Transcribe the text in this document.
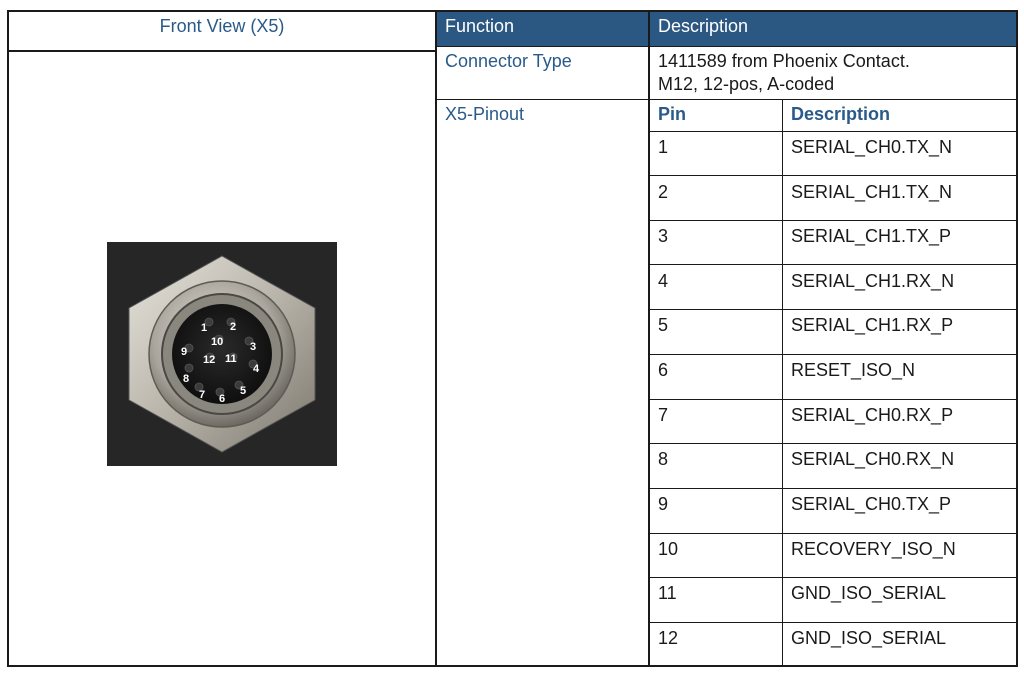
Front View (X5)	Function	Description
Connector Type	1411589 from Phoenix Contact.
M12, 12-pos, A-coded
X5-Pinout	Pin	Description
1	SERIAL_CH0.TX_N
2	SERIAL_CH1.TX_N
3	SERIAL_CH1.TX_P
4	SERIAL_CH1.RX_N
5	SERIAL_CH1.RX_P
6	RESET_ISO_N
7	SERIAL_CH0.RX_P
8	SERIAL_CH0.RX_N
9	SERIAL_CH0.TX_P
10	RECOVERY_ISO_N
11	GND_ISO_SERIAL
12	GND_ISO_SERIAL
1 2
3
4
5
6
7
8
9
10
11
12
